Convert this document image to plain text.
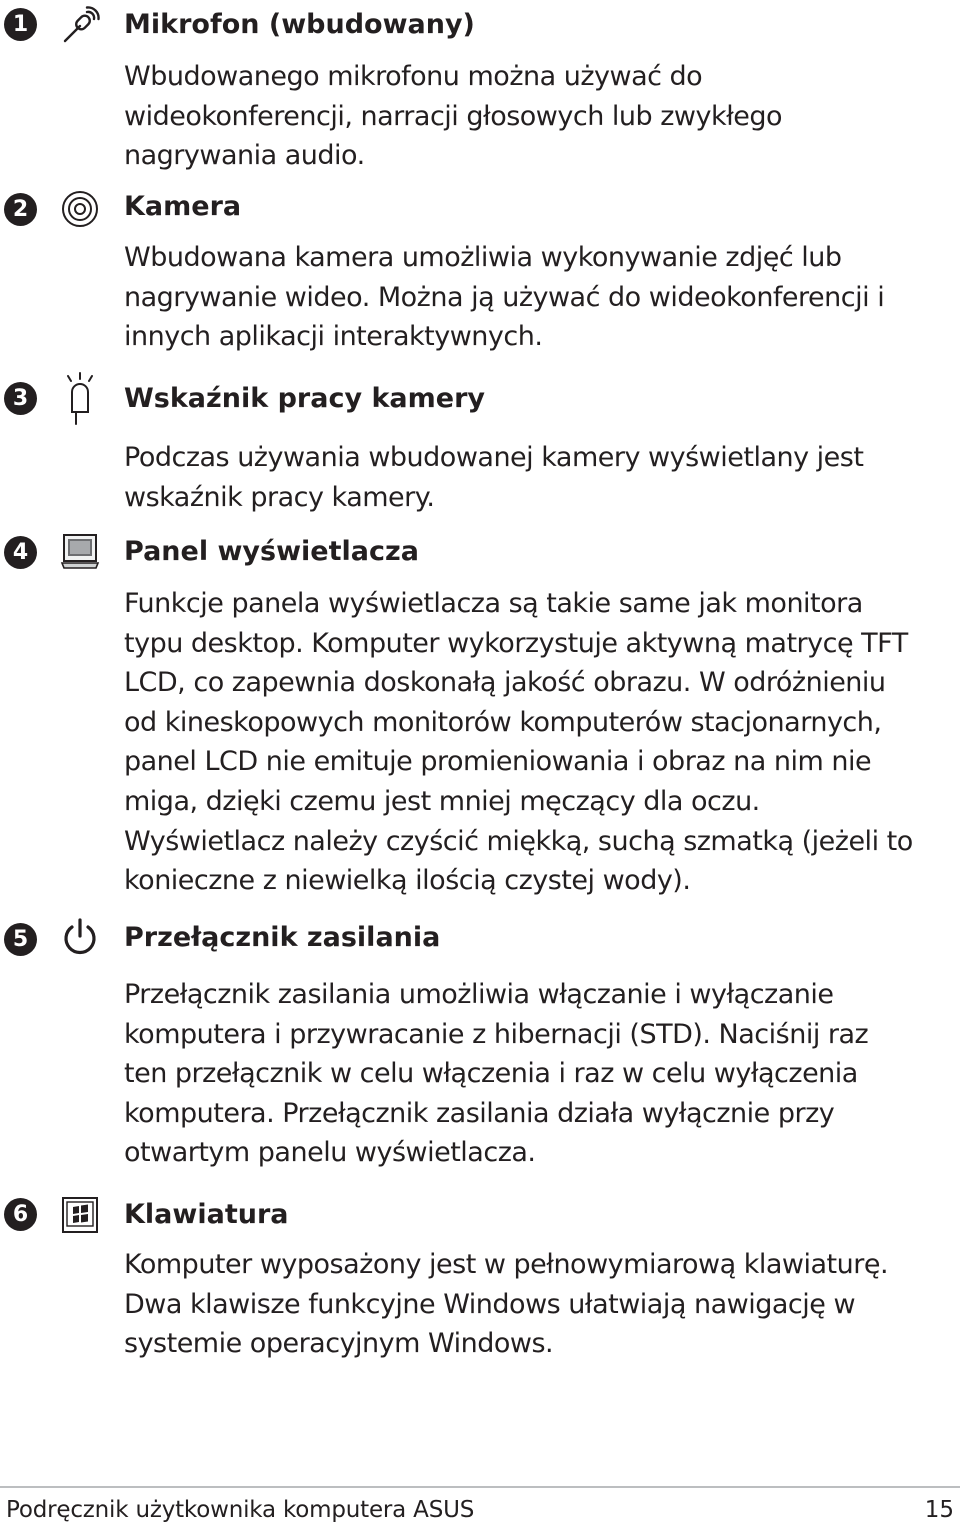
1	Mikrofon (wbudowany)

Wbudowanego mikrofonu można używać do wideokonferencji, narracji głosowych lub zwykłego nagrywania audio.

2	Kamera

Wbudowana kamera umożliwia wykonywanie zdjęć lub nagrywanie wideo. Można ją używać do wideokonferencji i innych aplikacji interaktywnych.

3	Wskaźnik pracy kamery

Podczas używania wbudowanej kamery wyświetlany jest wskaźnik pracy kamery.

4	Panel wyświetlacza

Funkcje panela wyświetlacza są takie same jak monitora typu desktop. Komputer wykorzystuje aktywną matrycę TFT LCD, co zapewnia doskonałą jakość obrazu. W odróżnieniu od kineskopowych monitorów komputerów stacjonarnych, panel LCD nie emituje promieniowania i obraz na nim nie miga, dzięki czemu jest mniej męczący dla oczu. Wyświetlacz należy czyścić miękką, suchą szmatką (jeżeli to konieczne z niewielką ilością czystej wody).

5	Przełącznik zasilania

Przełącznik zasilania umożliwia włączanie i wyłączanie komputera i przywracanie z hibernacji (STD). Naciśnij raz ten przełącznik w celu włączenia i raz w celu wyłączenia komputera. Przełącznik zasilania działa wyłącznie przy otwartym panelu wyświetlacza.

6	Klawiatura

Komputer wyposażony jest w pełnowymiarową klawiaturę. Dwa klawisze funkcyjne Windows ułatwiają nawigację w systemie operacyjnym Windows.

Podręcznik użytkownika komputera ASUS	15
